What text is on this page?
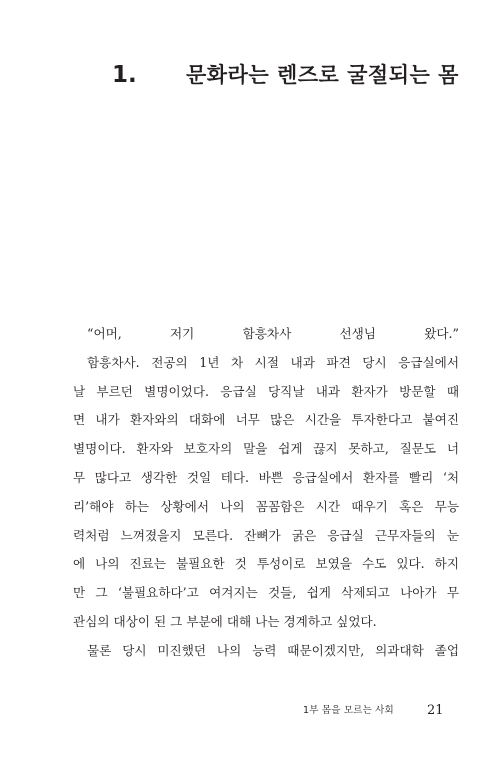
1. 문화라는 렌즈로 굴절되는 몸
“어머, 저기 함흥차사 선생님 왔다.”
함흥차사. 전공의 1년 차 시절 내과 파견 당시 응급실에서
날 부르던 별명이었다. 응급실 당직날 내과 환자가 방문할 때
면 내가 환자와의 대화에 너무 많은 시간을 투자한다고 붙여진
별명이다. 환자와 보호자의 말을 쉽게 끊지 못하고, 질문도 너
무 많다고 생각한 것일 테다. 바쁜 응급실에서 환자를 빨리 ‘처
리’해야 하는 상황에서 나의 꼼꼼함은 시간 때우기 혹은 무능
력처럼 느껴졌을지 모른다. 잔뼈가 굵은 응급실 근무자들의 눈
에 나의 진료는 불필요한 것 투성이로 보였을 수도 있다. 하지
만 그 ‘불필요하다’고 여겨지는 것들, 쉽게 삭제되고 나아가 무
관심의 대상이 된 그 부분에 대해 나는 경계하고 싶었다.
물론 당시 미진했던 나의 능력 때문이겠지만, 의과대학 졸업
1부 몸을 모르는 사회	21
